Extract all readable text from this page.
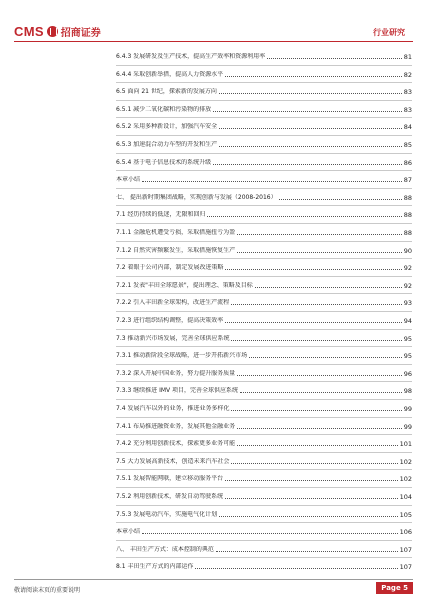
CMS 招商证券	行业研究
6.4.3 发展研发及生产技术，提高生产效率和资源利用率	81
6.4.4 采取创新举措，提高人力资源水平	82
6.5 面向 21 世纪，探索新的发展方向	83
6.5.1 减少二氧化碳和污染物的排放	83
6.5.2 采用多种新设计，加强汽车安全	84
6.5.3 加速混合动力车型的开发和生产	85
6.5.4 基于电子信息技术的系统升级	86
本章小结	87
七、 提出新时期集团战略，实现创新与发展（2008-2016）	88
7.1 经历持续的低迷，无限和回归	88
7.1.1 金融危机遭受亏损，采取措施扭亏为盈	88
7.1.2 自然灾害频繁发生，采取措施恢复生产	90
7.2 着眼于公司内部，制定发展改进策略	92
7.2.1 发表"丰田全球愿景"，提出理念、策略及目标	92
7.2.2 引入丰田新全球架构，改进生产流程	93
7.2.3 进行组织结构调整，提高决策效率	94
7.3 推动新兴市场发展，完善全球供应系统	95
7.3.1 推动新阶段全球战略，进一步开拓新兴市场	95
7.3.2 深入开展中国业务，努力提升服务质量	96
7.3.3 继续推进 IMV 项目，完善全球供应系统	98
7.4 发展汽车以外的业务，推进业务多样化	99
7.4.1 布局推进融资业务，发展其他金融业务	99
7.4.2 充分利用创新技术，探索更多业务可能	101
7.5 大力发展高新技术，创造未来汽车社会	102
7.5.1 发展智能网联，建立移动服务平台	102
7.5.2 利用创新技术，研发自动驾驶系统	104
7.5.3 发展电动汽车，实施电气化计划	105
本章小结	106
八、 丰田生产方式：成本控制的典范	107
8.1 丰田生产方式的内部运作	107
敬请阅读末页的重要说明	Page 5
